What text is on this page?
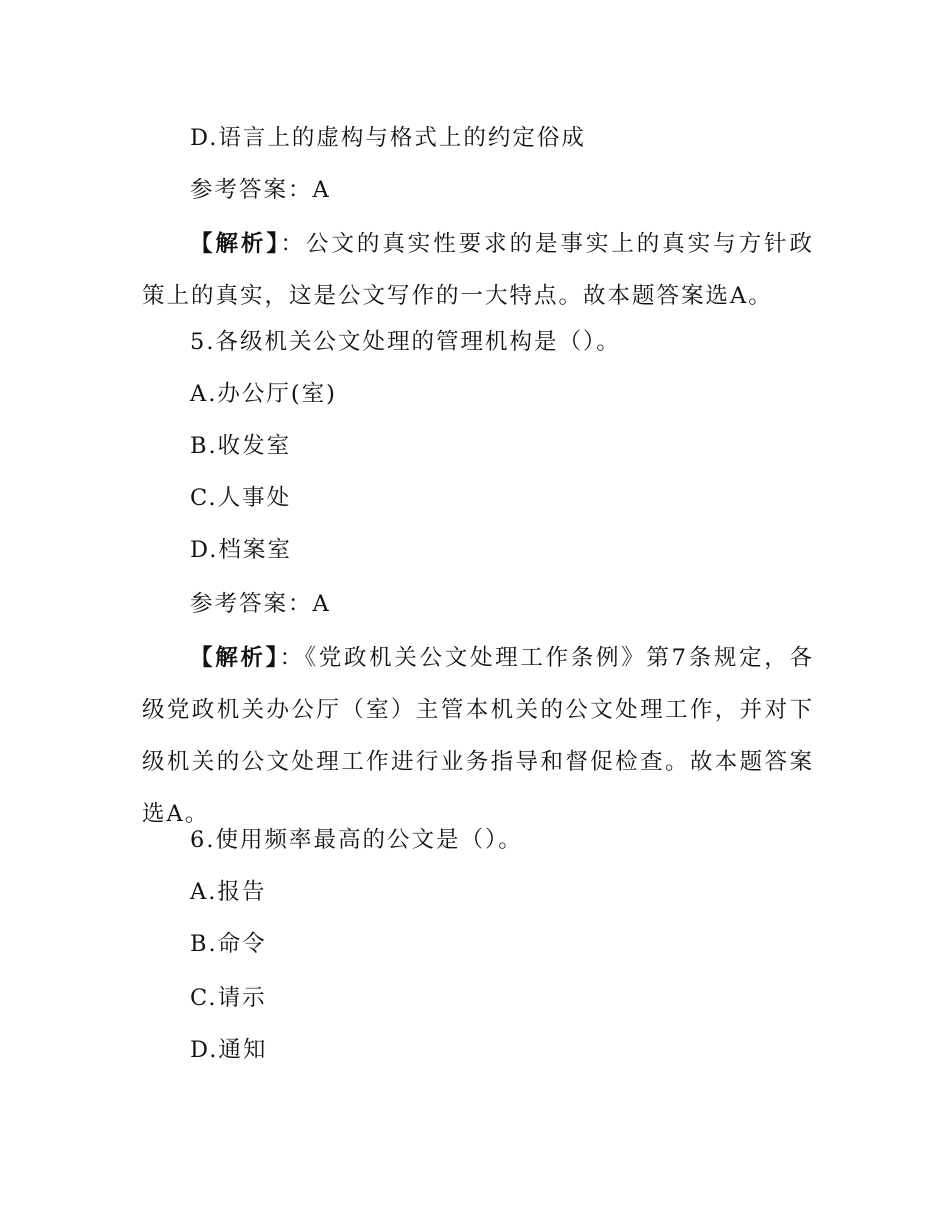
D.语言上的虚构与格式上的约定俗成
参考答案：A
【解析】：公文的真实性要求的是事实上的真实与方针政策上的真实，这是公文写作的一大特点。故本题答案选A。
5.各级机关公文处理的管理机构是（）。
A.办公厅(室)
B.收发室
C.人事处
D.档案室
参考答案：A
【解析】：《党政机关公文处理工作条例》第7条规定，各级党政机关办公厅（室）主管本机关的公文处理工作，并对下级机关的公文处理工作进行业务指导和督促检查。故本题答案选A。
6.使用频率最高的公文是（）。
A.报告
B.命令
C.请示
D.通知
